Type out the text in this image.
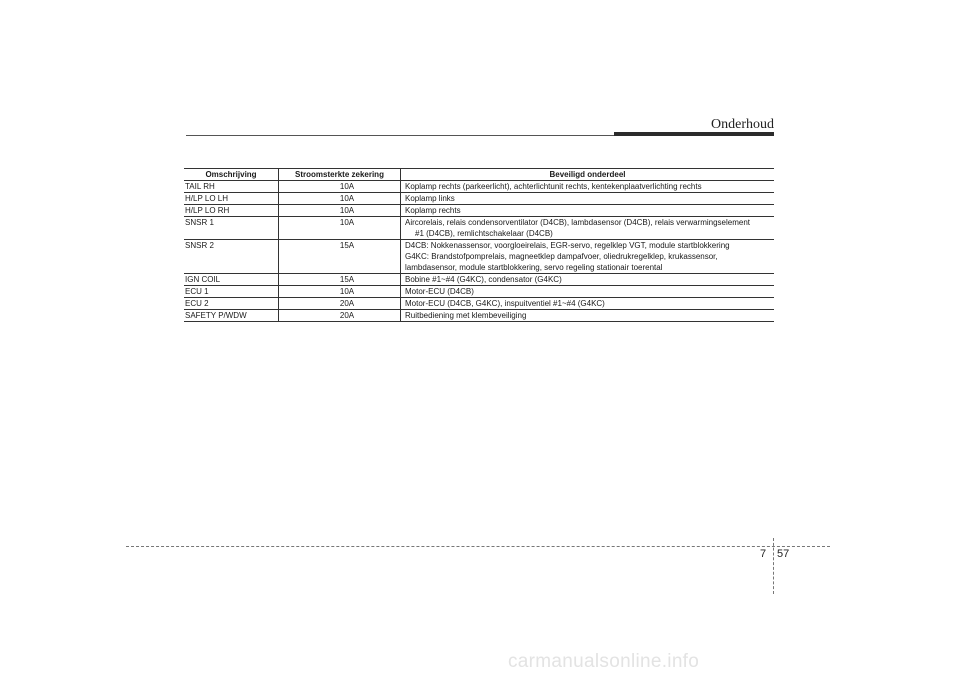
Onderhoud
Omschrijving	Stroomsterkte zekering	Beveiligd onderdeel
TAIL RH	10A	Koplamp rechts (parkeerlicht), achterlichtunit rechts, kentekenplaatverlichting rechts

H/LP LO LH	10A	Koplamp links

H/LP LO RH	10A	Koplamp rechts

SNSR 1	10A	Aircorelais, relais condensorventilator (D4CB), lambdasensor (D4CB), relais verwarmingselement
#1 (D4CB), remlichtschakelaar (D4CB)

SNSR 2	15A	D4CB: Nokkenassensor, voorgloeirelais, EGR-servo, regelklep VGT, module startblokkering
G4KC: Brandstofpomprelais, magneetklep dampafvoer, oliedrukregelklep, krukassensor,
lambdasensor, module startblokkering, servo regeling stationair toerental

IGN COIL	15A	Bobine #1~#4 (G4KC), condensator (G4KC)

ECU 1	10A	Motor-ECU (D4CB)

ECU 2	20A	Motor-ECU (D4CB, G4KC), inspuitventiel #1~#4 (G4KC)

SAFETY P/WDW	20A	Ruitbediening met klembeveiliging
7 57
carmanualsonline.info
